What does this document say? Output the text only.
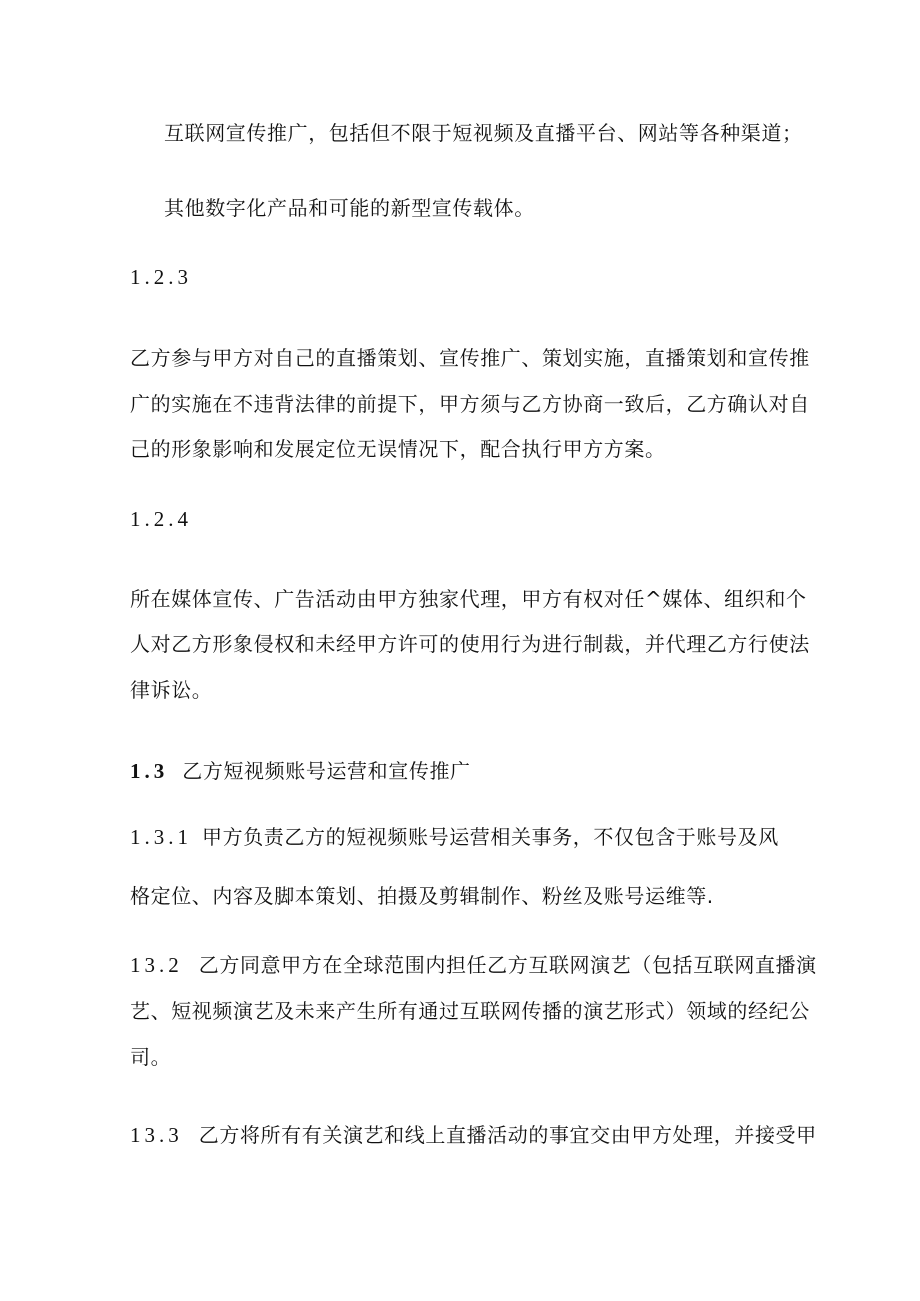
互联网宣传推广，包括但不限于短视频及直播平台、网站等各种渠道；
其他数字化产品和可能的新型宣传载体。
1.2.3
乙方参与甲方对自己的直播策划、宣传推广、策划实施，直播策划和宣传推
广的实施在不违背法律的前提下，甲方须与乙方协商一致后，乙方确认对自
己的形象影响和发展定位无误情况下，配合执行甲方方案。
1.2.4
所在媒体宣传、广告活动由甲方独家代理，甲方有权对任^媒体、组织和个
人对乙方形象侵权和未经甲方许可的使用行为进行制裁，并代理乙方行使法
律诉讼。
1.3 乙方短视频账号运营和宣传推广
1.3.1 甲方负责乙方的短视频账号运营相关事务，不仅包含于账号及风
格定位、内容及脚本策划、拍摄及剪辑制作、粉丝及账号运维等.
13.2 乙方同意甲方在全球范围内担任乙方互联网演艺（包括互联网直播演
艺、短视频演艺及未来产生所有通过互联网传播的演艺形式）领域的经纪公
司。
13.3 乙方将所有有关演艺和线上直播活动的事宜交由甲方处理，并接受甲
